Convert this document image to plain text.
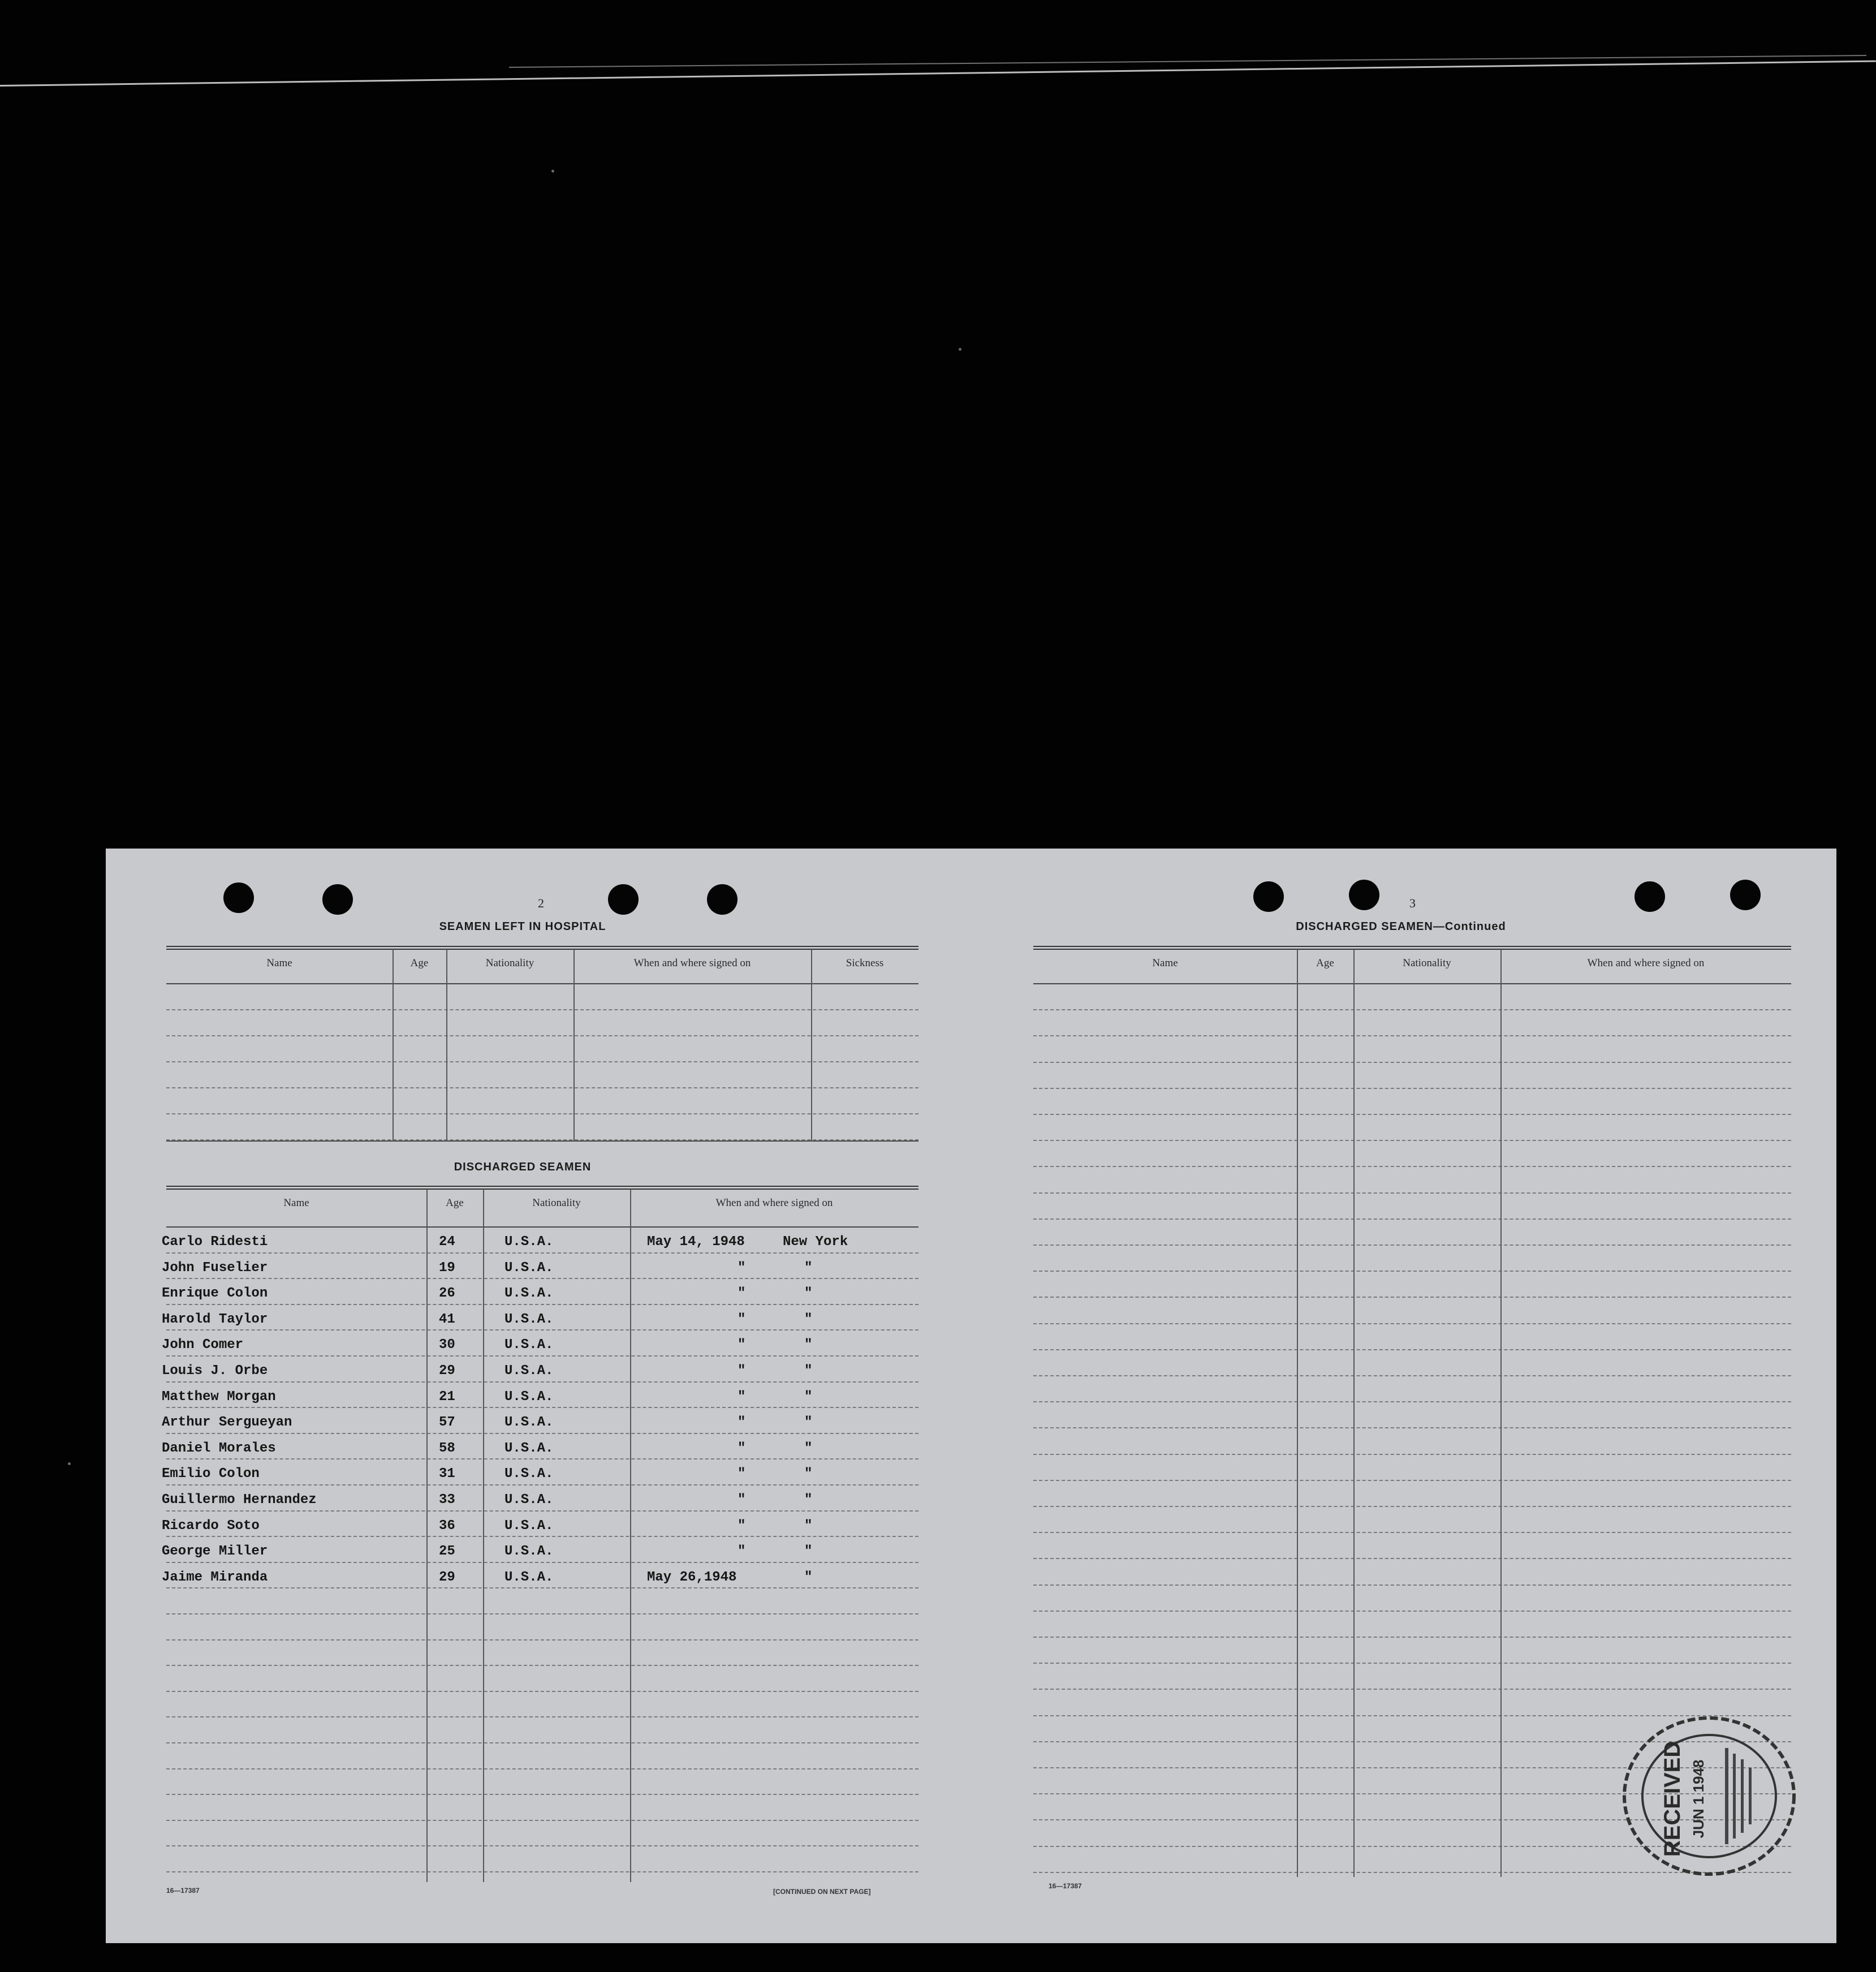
2
SEAMEN LEFT IN HOSPITAL
Name	Age	Nationality	When and where signed on	Sickness
DISCHARGED SEAMEN
Name	Age	Nationality	When and where signed on
Carlo Ridesti	24	U.S.A.	May 14, 1948	New York
John Fuselier	19	U.S.A.	"	"
Enrique Colon	26	U.S.A.	"	"
Harold Taylor	41	U.S.A.	"	"
John Comer	30	U.S.A.	"	"
Louis J. Orbe	29	U.S.A.	"	"
Matthew Morgan	21	U.S.A.	"	"
Arthur Sergueyan	57	U.S.A.	"	"
Daniel Morales	58	U.S.A.	"	"
Emilio Colon	31	U.S.A.	"	"
Guillermo Hernandez	33	U.S.A.	"	"
Ricardo Soto	36	U.S.A.	"	"
George Miller	25	U.S.A.	"	"
Jaime Miranda	29	U.S.A.	May 26,1948	"
16—17387	[CONTINUED ON NEXT PAGE]
3
DISCHARGED SEAMEN—Continued
Name	Age	Nationality	When and where signed on
16—17387
RECEIVED JUN 1 1948
